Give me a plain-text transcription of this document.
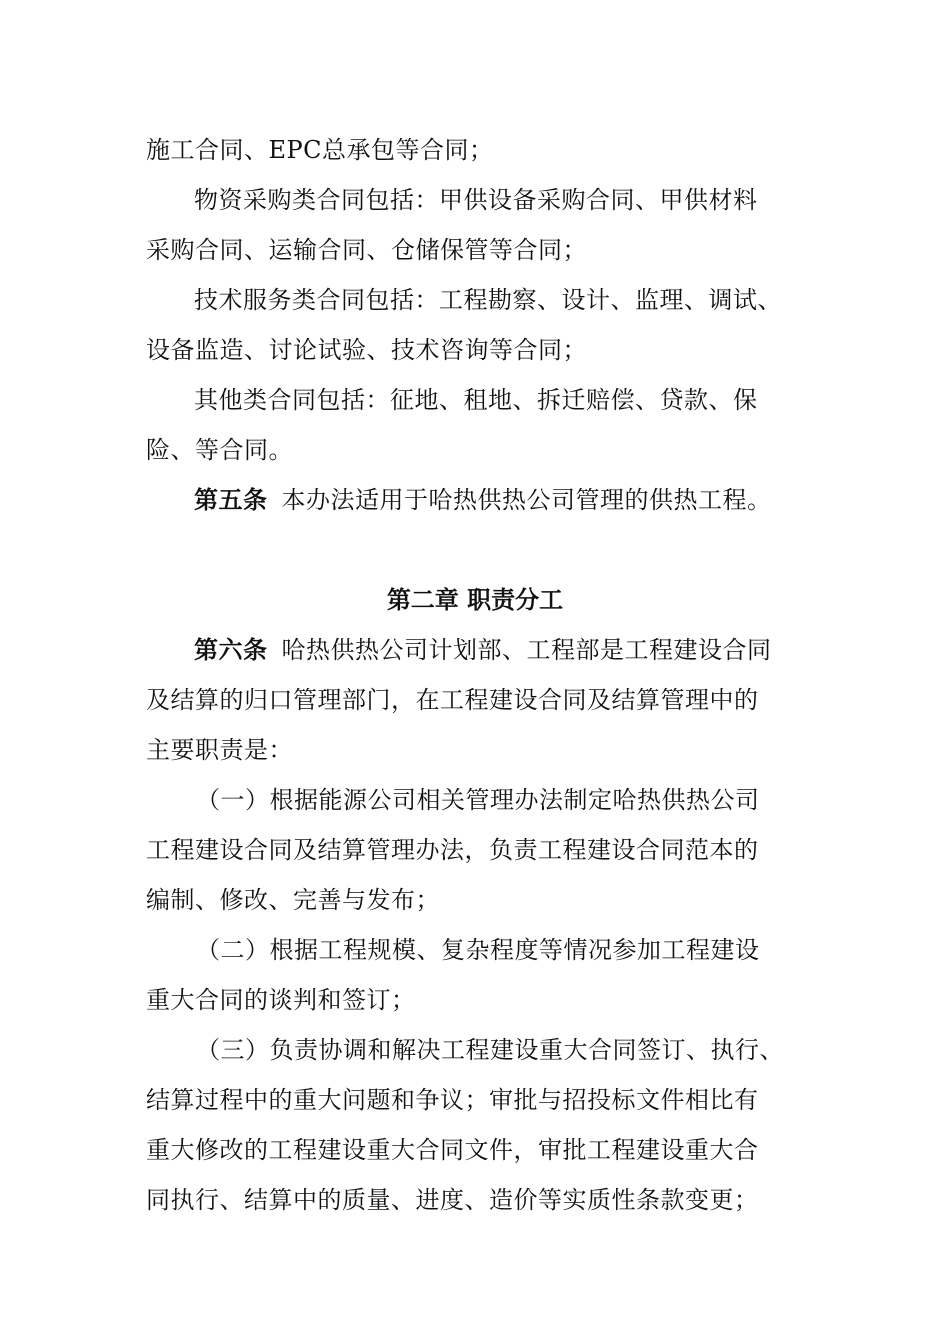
施工合同、EPC总承包等合同；
物资采购类合同包括：甲供设备采购合同、甲供材料
采购合同、运输合同、仓储保管等合同；
技术服务类合同包括：工程勘察、设计、监理、调试、
设备监造、讨论试验、技术咨询等合同；
其他类合同包括：征地、租地、拆迁赔偿、贷款、保
险、等合同。
第五条 本办法适用于哈热供热公司管理的供热工程。
第二章 职责分工
第六条 哈热供热公司计划部、工程部是工程建设合同
及结算的归口管理部门，在工程建设合同及结算管理中的
主要职责是：
（一）根据能源公司相关管理办法制定哈热供热公司
工程建设合同及结算管理办法，负责工程建设合同范本的
编制、修改、完善与发布；
（二）根据工程规模、复杂程度等情况参加工程建设
重大合同的谈判和签订；
（三）负责协调和解决工程建设重大合同签订、执行、
结算过程中的重大问题和争议；审批与招投标文件相比有
重大修改的工程建设重大合同文件，审批工程建设重大合
同执行、结算中的质量、进度、造价等实质性条款变更；
